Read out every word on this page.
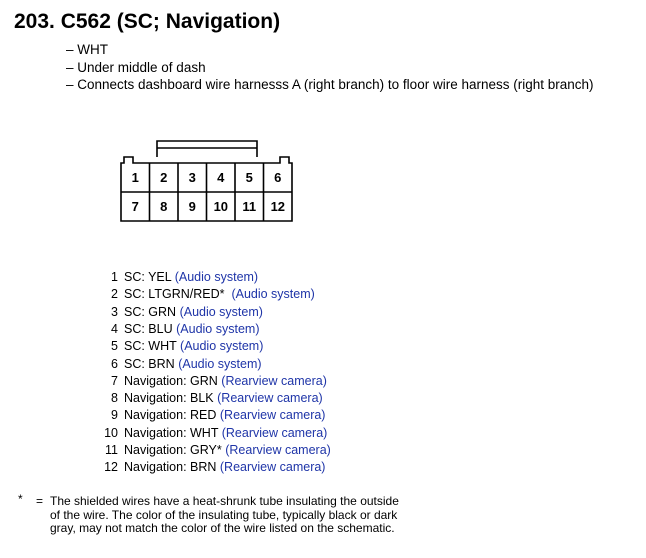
203. C562 (SC; Navigation)
– WHT
– Under middle of dash
– Connects dashboard wire harnesss A (right branch) to floor wire harness (right branch)
1 2 3 4 5 6
7 8 9 10 11 12
1 SC: YEL (Audio system)
2 SC: LTGRN/RED* (Audio system)
3 SC: GRN (Audio system)
4 SC: BLU (Audio system)
5 SC: WHT (Audio system)
6 SC: BRN (Audio system)
7 Navigation: GRN (Rearview camera)
8 Navigation: BLK (Rearview camera)
9 Navigation: RED (Rearview camera)
10 Navigation: WHT (Rearview camera)
11 Navigation: GRY* (Rearview camera)
12 Navigation: BRN (Rearview camera)
* = The shielded wires have a heat-shrunk tube insulating the outside of the wire. The color of the insulating tube, typically black or dark gray, may not match the color of the wire listed on the schematic.
